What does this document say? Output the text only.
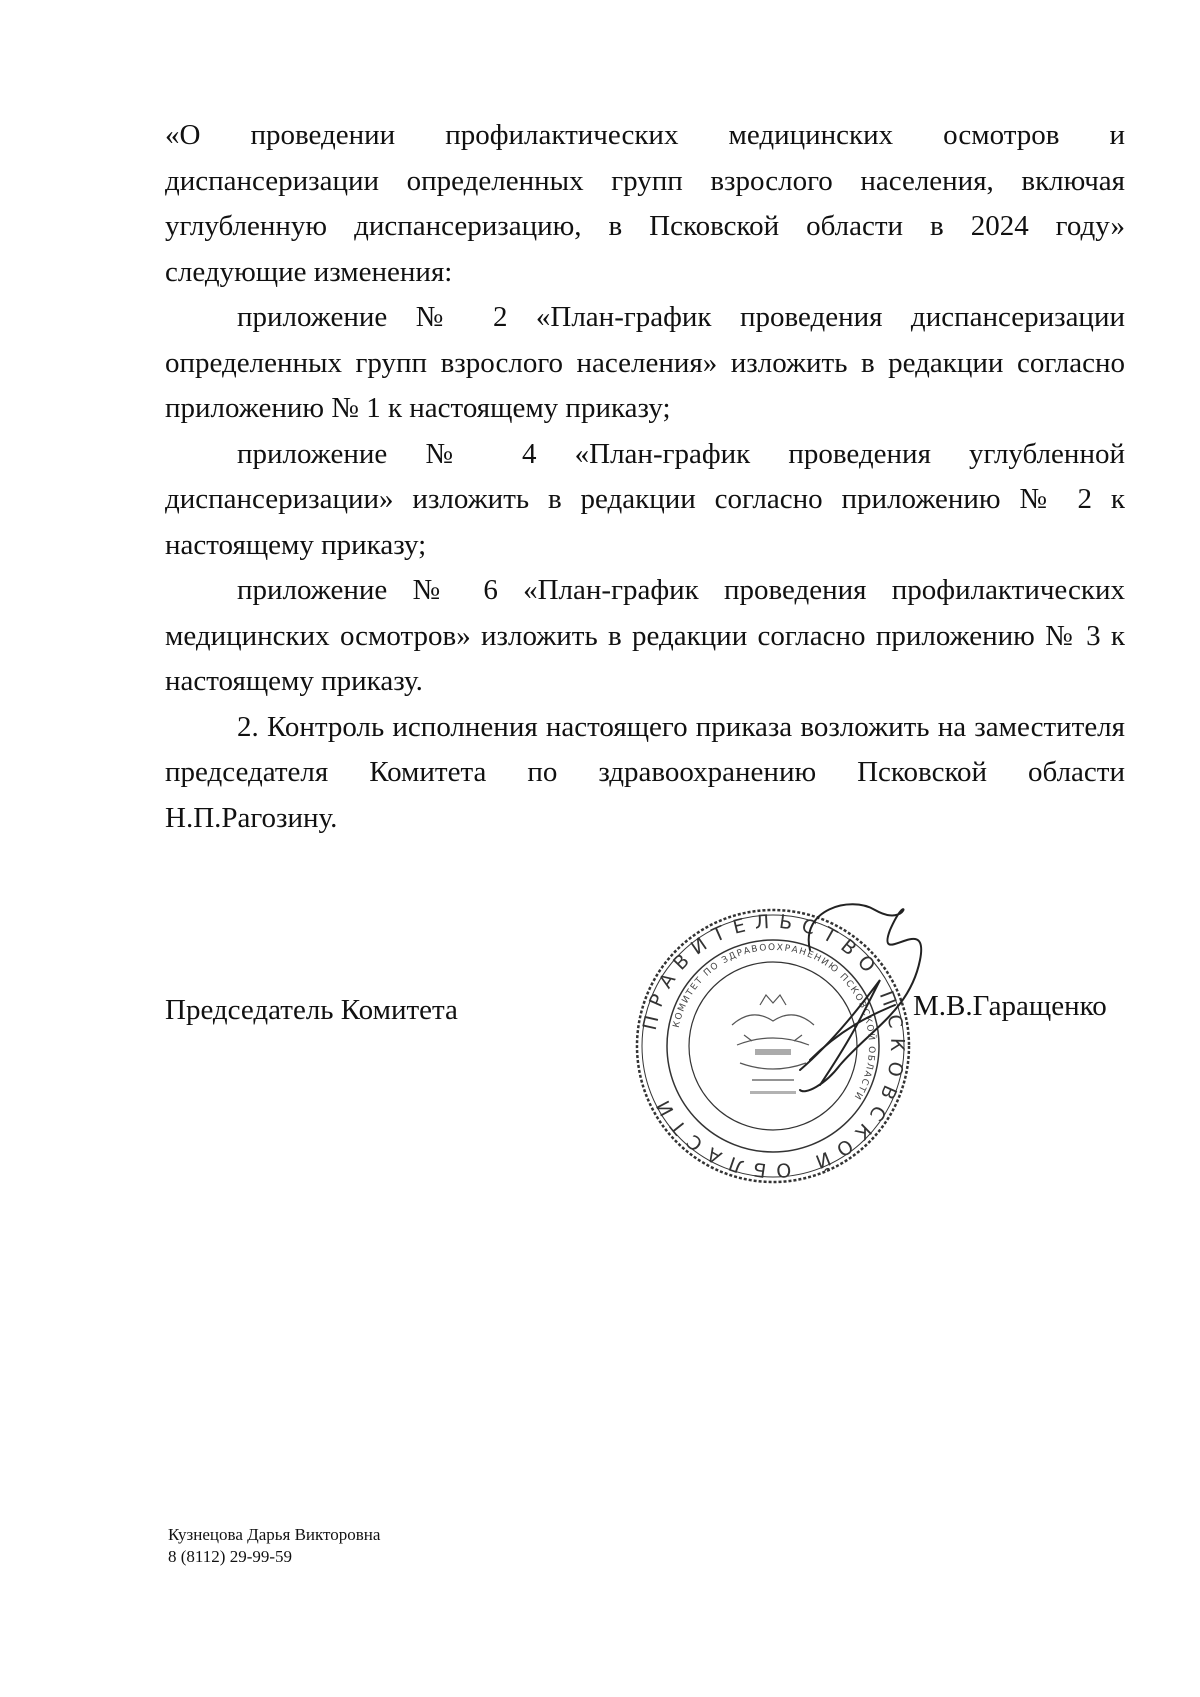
«О проведении профилактических медицинских осмотров и диспансеризации определенных групп взрослого населения, включая углубленную диспансеризацию, в Псковской области в 2024 году» следующие изменения:

приложение № 2 «План-график проведения диспансеризации определенных групп взрослого населения» изложить в редакции согласно приложению № 1 к настоящему приказу;

приложение № 4 «План-график проведения углубленной диспансеризации» изложить в редакции согласно приложению № 2 к настоящему приказу;

приложение № 6 «План-график проведения профилактических медицинских осмотров» изложить в редакции согласно приложению № 3 к настоящему приказу.

2. Контроль исполнения настоящего приказа возложить на заместителя председателя Комитета по здравоохранению Псковской области Н.П.Рагозину.

Председатель Комитета	ПРАВИТЕЛЬСТВО ПСКОВСКОЙ ОБЛАСТИ
КОМИТЕТ ПО ЗДРАВООХРАНЕНИЮ ПСКОВСКОЙ ОБЛАСТИ
М.В.Гаращенко
Кузнецова Дарья Викторовна
8 (8112) 29-99-59
